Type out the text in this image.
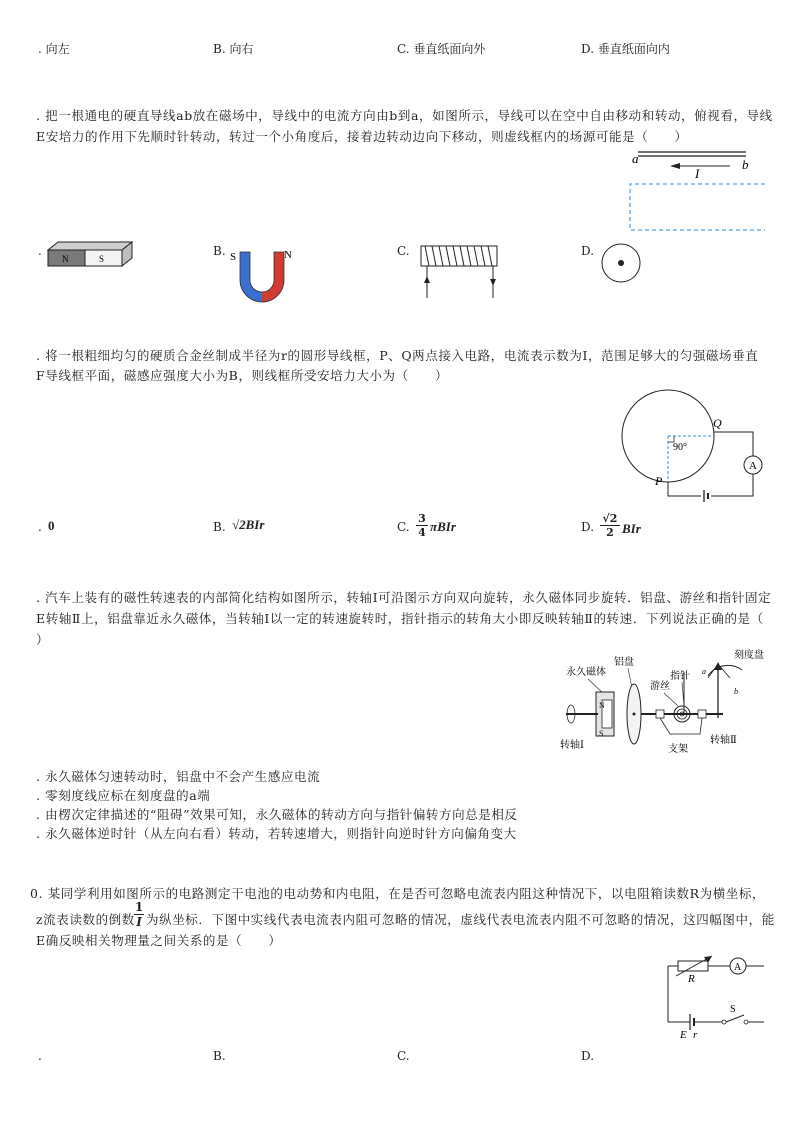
. 向左	B. 向右	C. 垂直纸面向外	D. 垂直纸面向内
. 把一根通电的硬直导线ab放在磁场中，导线中的电流方向由b到a，如图所示，导线可以在空中自由移动和转动，俯视看，导线
E安培力的作用下先顺时针转动，转过一个小角度后，接着边转动边向下移动，则虚线框内的场源可能是（　　）
a	b
I
.
N	S
B. S	N	C.	D.
. 将一根粗细均匀的硬质合金丝制成半径为r的圆形导线框，P、Q两点接入电路，电流表示数为I，范围足够大的匀强磁场垂直
F导线框平面，磁感应强度大小为B，则线框所受安培力大小为（　　）
90°
Q
P
A
. 0	B. √2BIr	C. $\frac{3}{4}$ πBIr	D. $\frac{√2}{2}$ BIr
. 汽车上装有的磁性转速表的内部简化结构如图所示，转轴Ⅰ可沿图示方向双向旋转，永久磁体同步旋转．铝盘、游丝和指针固定
E转轴Ⅱ上，铝盘靠近永久磁体，当转轴Ⅰ以一定的转速旋转时，指针指示的转角大小即反映转轴Ⅱ的转速．下列说法正确的是（
）
永久磁体
铝盘
指针
刻度盘
游丝
N
S
转轴Ⅰ
a
b
支架
转轴Ⅱ
. 永久磁体匀速转动时，铝盘中不会产生感应电流
. 零刻度线应标在刻度盘的a端
. 由楞次定律描述的“阻碍”效果可知，永久磁体的转动方向与指针偏转方向总是相反
. 永久磁体逆时针（从左向右看）转动，若转速增大，则指针向逆时针方向偏角变大
0. 某同学利用如图所示的电路测定干电池的电动势和内电阻，在是否可忽略电流表内阻这种情况下，以电阻箱读数R为横坐标，
z流表读数的倒数 $\frac{1}{I}$ 为纵坐标．下图中实线代表电流表内阻可忽略的情况，虚线代表电流表内阻不可忽略的情况，这四幅图中，能
E确反映相关物理量之间关系的是（　　）
R
A
S
E r
.	B.	C.	D.
